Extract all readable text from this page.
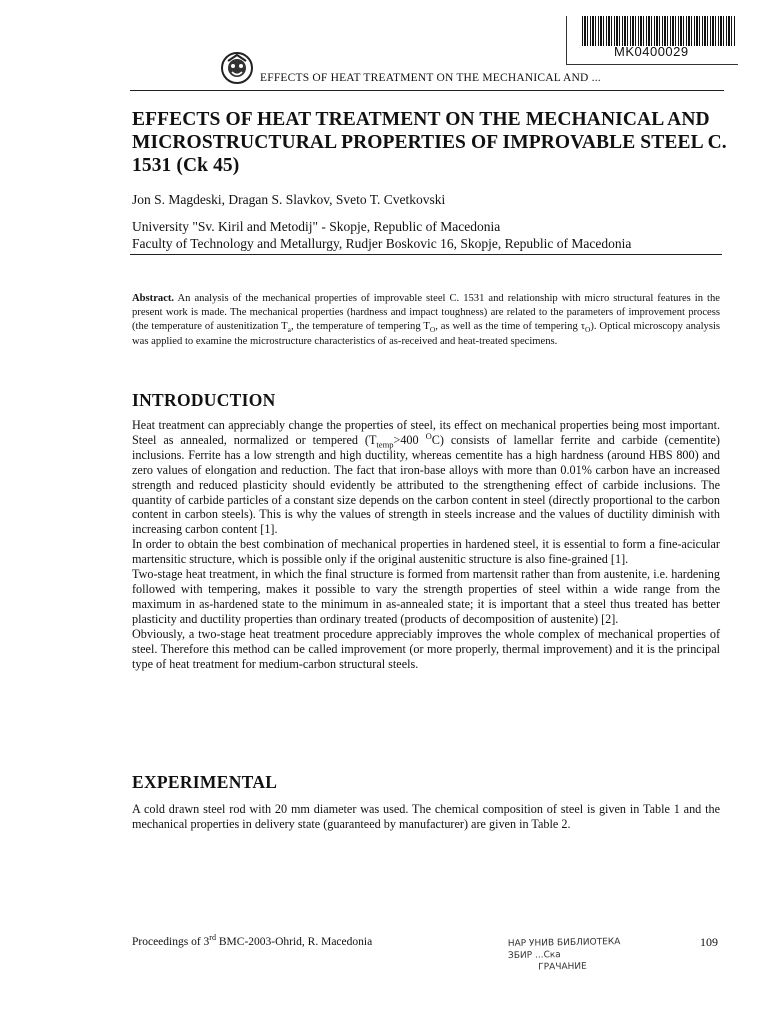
MK0400029
EFFECTS OF HEAT TREATMENT ON THE MECHANICAL AND ...
EFFECTS OF HEAT TREATMENT ON THE MECHANICAL AND MICROSTRUCTURAL PROPERTIES OF IMPROVABLE STEEL C. 1531 (Ck 45)
Jon S. Magdeski, Dragan S. Slavkov, Sveto T. Cvetkovski
University "Sv. Kiril and Metodij" - Skopje, Republic of Macedonia
Faculty of Technology and Metallurgy, Rudjer Boskovic 16, Skopje, Republic of Macedonia
Abstract. An analysis of the mechanical properties of improvable steel C. 1531 and relationship with micro structural features in the present work is made. The mechanical properties (hardness and impact toughness) are related to the parameters of improvement process (the temperature of austenitization $T_a$, the temperature of tempering $T_O$, as well as the time of tempering $\tau_O$). Optical microscopy analysis was applied to examine the microstructure characteristics of as-received and heat-treated specimens.
INTRODUCTION

Heat treatment can appreciably change the properties of steel, its effect on mechanical properties being most important. Steel as annealed, normalized or tempered ($T_{temp}>400$ $^O$C) consists of lamellar ferrite and carbide (cementite) inclusions. Ferrite has a low strength and high ductility, whereas cementite has a high hardness (around HBS 800) and zero values of elongation and reduction. The fact that iron-base alloys with more than 0.01% carbon have an increased strength and reduced plasticity should evidently be attributed to the strengthening effect of carbide inclusions. The quantity of carbide particles of a constant size depends on the carbon content in steel (directly proportional to the carbon content in carbon steels). This is why the values of strength in steels increase and the values of ductility diminish with increasing carbon content [1].

In order to obtain the best combination of mechanical properties in hardened steel, it is essential to form a fine-acicular martensitic structure, which is possible only if the original austenitic structure is also fine-grained [1].

Two-stage heat treatment, in which the final structure is formed from martensit rather than from austenite, i.e. hardening followed with tempering, makes it possible to vary the strength properties of steel within a wide range from the maximum in as-hardened state to the minimum in as-annealed state; it is important that a steel thus treated has better plasticity and ductility properties than ordinary treated (products of decomposition of austenite) [2].

Obviously, a two-stage heat treatment procedure appreciably improves the whole complex of mechanical properties of steel. Therefore this method can be called improvement (or more properly, thermal improvement) and it is the principal type of heat treatment for medium-carbon structural steels.

EXPERIMENTAL

A cold drawn steel rod with 20 mm diameter was used. The chemical composition of steel is given in Table 1 and the mechanical properties in delivery state (guaranteed by manufacturer) are given in Table 2.

Proceedings of 3rd BMC-2003-Ohrid, R. Macedonia	НАР УНИВ БИБЛИОТЕКА
ЗБИР ...Ска
ГРАЧАНИЕ
109
